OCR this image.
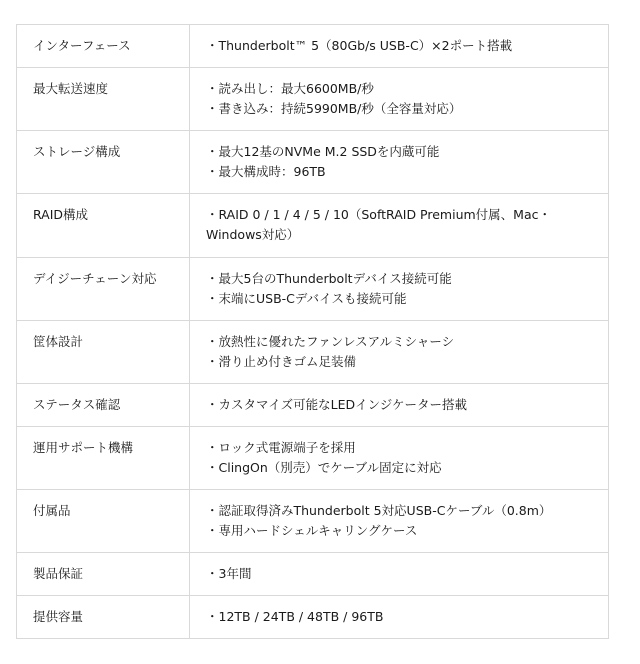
インターフェース	・Thunderbolt™ 5（80Gb/s USB-C）×2ポート搭載

最大転送速度	・読み出し：最大6600MB/秒
・書き込み：持続5990MB/秒（全容量対応）

ストレージ構成	・最大12基のNVMe M.2 SSDを内蔵可能
・最大構成時：96TB

RAID構成	・RAID 0 / 1 / 4 / 5 / 10（SoftRAID Premium付属、Mac・Windows対応）

デイジーチェーン対応	・最大5台のThunderboltデバイス接続可能
・末端にUSB-Cデバイスも接続可能

筐体設計	・放熱性に優れたファンレスアルミシャーシ
・滑り止め付きゴム足装備

ステータス確認	・カスタマイズ可能なLEDインジケーター搭載

運用サポート機構	・ロック式電源端子を採用
・ClingOn（別売）でケーブル固定に対応

付属品	・認証取得済みThunderbolt 5対応USB-Cケーブル（0.8m）
・専用ハードシェルキャリングケース

製品保証	・3年間

提供容量	・12TB / 24TB / 48TB / 96TB
